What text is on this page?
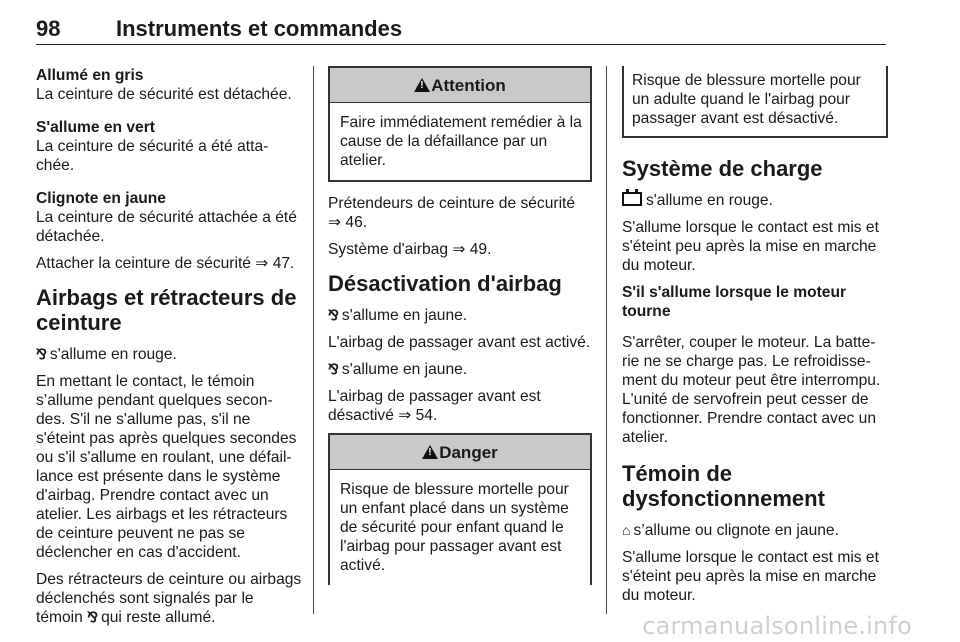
98	Instruments et commandes
Allumé en gris

La ceinture de sécurité est détachée.

S'allume en vert

La ceinture de sécurité a été atta-chée.

Clignote en jaune

La ceinture de sécurité attachée a été détachée.

Attacher la ceinture de sécurité ⇒ 47.

Airbags et rétracteurs de ceinture

⅋ s'allume en rouge.

En mettant le contact, le témoin s’allume pendant quelques secon-des. S'il ne s'allume pas, s'il ne s'éteint pas après quelques secondes ou s'il s'allume en roulant, une défail-lance est présente dans le système d'airbag. Prendre contact avec un atelier. Les airbags et les rétracteurs de ceinture peuvent ne pas se déclencher en cas d'accident.

Des rétracteurs de ceinture ou airbags déclenchés sont signalés par le témoin ⅋ qui reste allumé.

!Attention
Faire immédiatement remédier à la cause de la défaillance par un atelier.

Prétendeurs de ceinture de sécurité ⇒ 46.

Système d'airbag ⇒ 49.

Désactivation d'airbag

⅋ s'allume en jaune.

L'airbag de passager avant est activé.

⅋ s'allume en jaune.

L'airbag de passager avant est désactivé ⇒ 54.

!Danger
Risque de blessure mortelle pour un enfant placé dans un système de sécurité pour enfant quand le l'airbag pour passager avant est activé.
Risque de blessure mortelle pour un adulte quand le l'airbag pour passager avant est désactivé.
Système de charge

s'allume en rouge.

S'allume lorsque le contact est mis et s'éteint peu après la mise en marche du moteur.

S'il s'allume lorsque le moteur tourne

S'arrêter, couper le moteur. La batte-rie ne se charge pas. Le refroidisse-ment du moteur peut être interrompu. L'unité de servofrein peut cesser de fonctionner. Prendre contact avec un atelier.

Témoin de dysfonctionnement

⌂ s’allume ou clignote en jaune.

S'allume lorsque le contact est mis et s'éteint peu après la mise en marche du moteur.

carmanualsonline.info
